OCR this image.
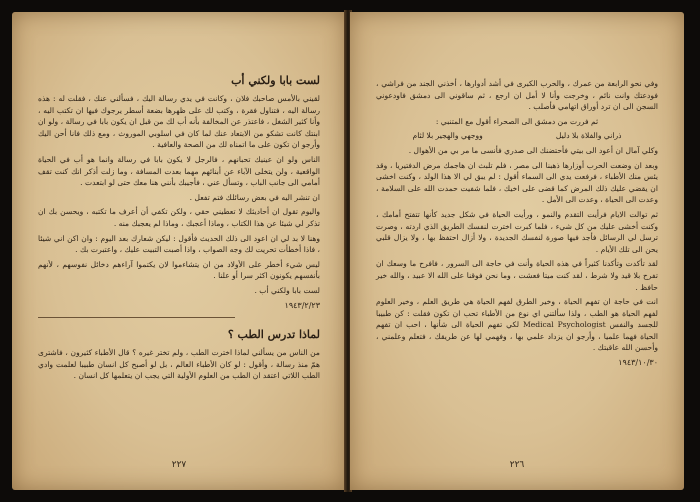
لست بابا ولكني أب

لقيني بالأمس صاحبك فلان ، وكانت في يدي رسالة اليك ، فسألني عنك ، فقلت له : هذه رسالة اليه ، فتناول فقرة ، وكتب لك على ظهرها بضعة أسطر يرجوك فيها ان تكتب اليه ، وأنا كثير الشغل ، فاعتذر عن المخالفة بأنه أب لك من قبل ان يكون بابا في رسالة ، ولو ان ابنتك كانت تشكو من الابتعاد عنك لما كان في اسلوبي الموروث ، ومع ذلك فانا أحن اليك وأرجو ان تكون على ما اتمناه لك من الصحة والعافية .

الناس ولو ان عينيك تحبانهم ، فالرجل لا يكون بابا في رسالة وانما هو أب في الحياة الواقعية ، ولن يتخلى الآباء عن أبنائهم مهما بعدت المسافة ، وما زلت أذكر انك كنت تقف أمامي الى جانب الباب ، وتسأل عني ، فأجيبك بأنني هنا معك حتى لو ابتعدت .

ان تنشر اليه في بعض رسائلك فتم تفعل .

واليوم تقول ان أحاديثك لا تعطيني حقي ، ولكن تكفي أن أعرف ما تكتبه ، ويحسن بك ان تذكر لي شيئا عن هذا الكتاب ، وماذا أعجبك ، وماذا لم يعجبك منه .

وهنا لا بد لي ان اعود الى ذلك الحديث فأقول : ليكن شعارك بعد اليوم : وان اكن اني شيئا ، فاذا أخطأت تحريت لك وجه الصواب ، واذا أصبت التبيت عليك ، واعتبرت بك .

ليس شيء أخطر على الأولاد من ان يتشاءموا لان يكتموا آراءهم دخائل نفوسهم ، لأنهم بأنفسهم يكونون اكثر سرا أو علنا .

لست بابا ولكني أب .

١٩٤٣/٢/٢٣

لماذا تدرس الطب ؟

من الناس من يسألني لماذا اخترت الطب ، ولم تختر غيره ؟ قال الأطباء كثيرون ، فاشترى همّ منذ رسالة ، وأقول : لو كان الأطباء العالم ، بل لو أصبح كل انسان طبيبا لعلمت وادي الطب اللاتي اعتقد ان الطب من العلوم الأولية التي يجب ان يتعلمها كل انسان .

٢٢٧

وفي نحو الرابعة من عمرك ، والحرب الكبرى في أشد أدوارها ، أخذني الجند من فراشي ، فودعتك وانت نائم ، وخرجت وأنا لا أمل ان ارجع ، ثم ساقوني الى دمشق فاودعوني السجن الى ان ترد أوراق اتهامي فأصلب .

ثم فررت من دمشق الى الصحراء أقول مع المتنبي :

ذراني والفلاة بلا دليل
ووجهي والهجير بلا لثام

وكلي آمال ان أعود الى بيتي فأحتضنك الى صدري فأنسى ما مر بي من الأهوال .

وبعد ان وضعت الحرب أوزارها ذهبنا الى مصر ، فلم تلبث ان هاجمك مرض الدفتيريا ، وقد يئس منك الأطباء ، فرفعت يدي الى السماء أقول : لم يبق لي الا هذا الولد ، وكنت اخشى ان يقضي عليك ذلك المرض كما قضى على اخيك ، فلما شفيت حمدت الله على السلامة ، وعدت الى الحياة ، وعدت الى الأمل .

ثم توالت الايام فرأيت التقدم والنمو ، ورأيت الحياة في شكل جديد كأنها تتفتح أمامك ، وكنت أخشى عليك من كل شيء ، فلما كبرت اخترت لنفسك الطريق الذي اردته ، وصرت ترسل لي الرسائل فأجد فيها صورة لنفسك الجديدة ، ولا أزال احتفظ بها ، ولا يزال قلبي يحن الى تلك الأيام .

لقد تأكدت وتأكدنا كثيراً في هذه الحياة وأنت في حاجة الى السرور ، فافرح ما وسعك ان تفرح بلا قيد ولا شرط ، لقد كنت ميتا فعشت ، وما نحن فوقنا على الله الا عبيد ، والله خير حافظ .

انت في حاجة ان تفهم الحياة ، وخير الطرق لفهم الحياة هي طريق العلم ، وخير العلوم لفهم الحياة هو الطب ، ولذا سألتني اي نوع من الأطباء تحب ان تكون فقلت : كن طبيبا للجسد والنفس Medical Psychologist لكي تفهم الحياة الى شأنها ، احب ان تفهم الحياة فهما علميا ، وأرجو ان يزداد علمي بها ، وفهمي لها عن طريقك ، فتعلم وعلمني ، وأحسن الله عاقبتك .

١٩٤٣/١٠/٣٠

٢٢٦
